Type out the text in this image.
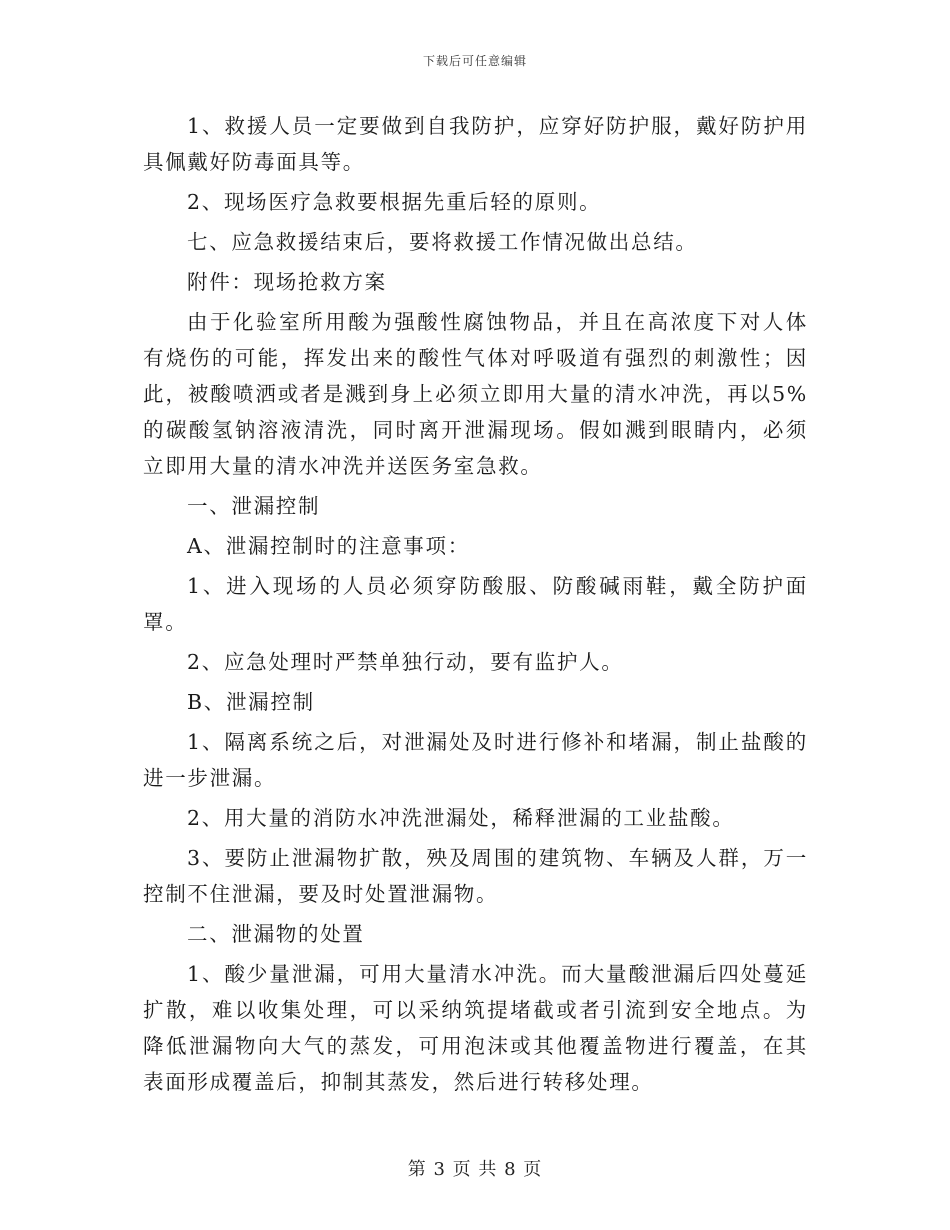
下载后可任意编辑

1、救援人员一定要做到自我防护，应穿好防护服，戴好防护用具佩戴好防毒面具等。

2、现场医疗急救要根据先重后轻的原则。

七、应急救援结束后，要将救援工作情况做出总结。

附件：现场抢救方案

由于化验室所用酸为强酸性腐蚀物品，并且在高浓度下对人体有烧伤的可能，挥发出来的酸性气体对呼吸道有强烈的刺激性；因此，被酸喷洒或者是溅到身上必须立即用大量的清水冲洗，再以5%的碳酸氢钠溶液清洗，同时离开泄漏现场。假如溅到眼睛内，必须立即用大量的清水冲洗并送医务室急救。

一、泄漏控制

A、泄漏控制时的注意事项：

1、进入现场的人员必须穿防酸服、防酸碱雨鞋，戴全防护面罩。

2、应急处理时严禁单独行动，要有监护人。

B、泄漏控制

1、隔离系统之后，对泄漏处及时进行修补和堵漏，制止盐酸的进一步泄漏。

2、用大量的消防水冲洗泄漏处，稀释泄漏的工业盐酸。

3、要防止泄漏物扩散，殃及周围的建筑物、车辆及人群，万一控制不住泄漏，要及时处置泄漏物。

二、泄漏物的处置

1、酸少量泄漏，可用大量清水冲洗。而大量酸泄漏后四处蔓延扩散，难以收集处理，可以采纳筑提堵截或者引流到安全地点。为降低泄漏物向大气的蒸发，可用泡沫或其他覆盖物进行覆盖，在其表面形成覆盖后，抑制其蒸发，然后进行转移处理。

第 3 页 共 8 页
